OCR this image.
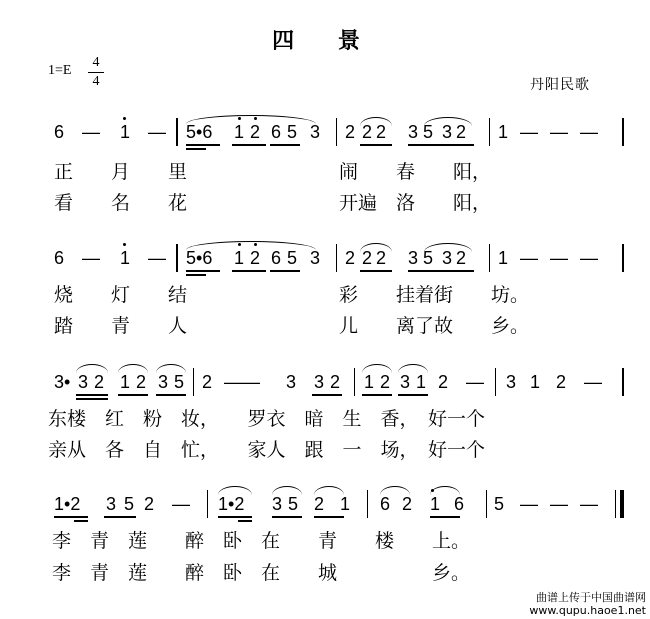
四 景
1=E
4
4	丹阳民歌
6 — 1 — 5•6 1 2 6 5 3 2 2 2 3 5 3 2 1 — — —
正　　月　　里　　　　　　　　闹　　春　　阳，
看　　名　　花　　　　　　　　开遍　洛　　阳，
6 — 1 — 5•6 1 2 6 5 3 2 2 2 3 5 3 2 1 — — —
烧　　灯　　结　　　　　　　　彩　　挂着街　　坊。
踏　　青　　人　　　　　　　　儿　　离了故　　乡。
3• 3 2 1 2 3 5 2 —— 3 3 2 1 2 3 1 2 — 3 1 2 —
东楼　红　粉　妆，　　罗衣　暗　生　香，　好一个
亲从　各　自　忙，　　家人　跟　一　场，　好一个
1•2 3 5 2 — 1•2 3 5 2 1 6 2 1 6 5 — — —
李　青　莲　　醉　卧　在　　青　　楼　　上。
李　青　莲　　醉　卧　在　　城　　　　　乡。
曲谱上传于中国曲谱网
www.qupu.haoe1.net
